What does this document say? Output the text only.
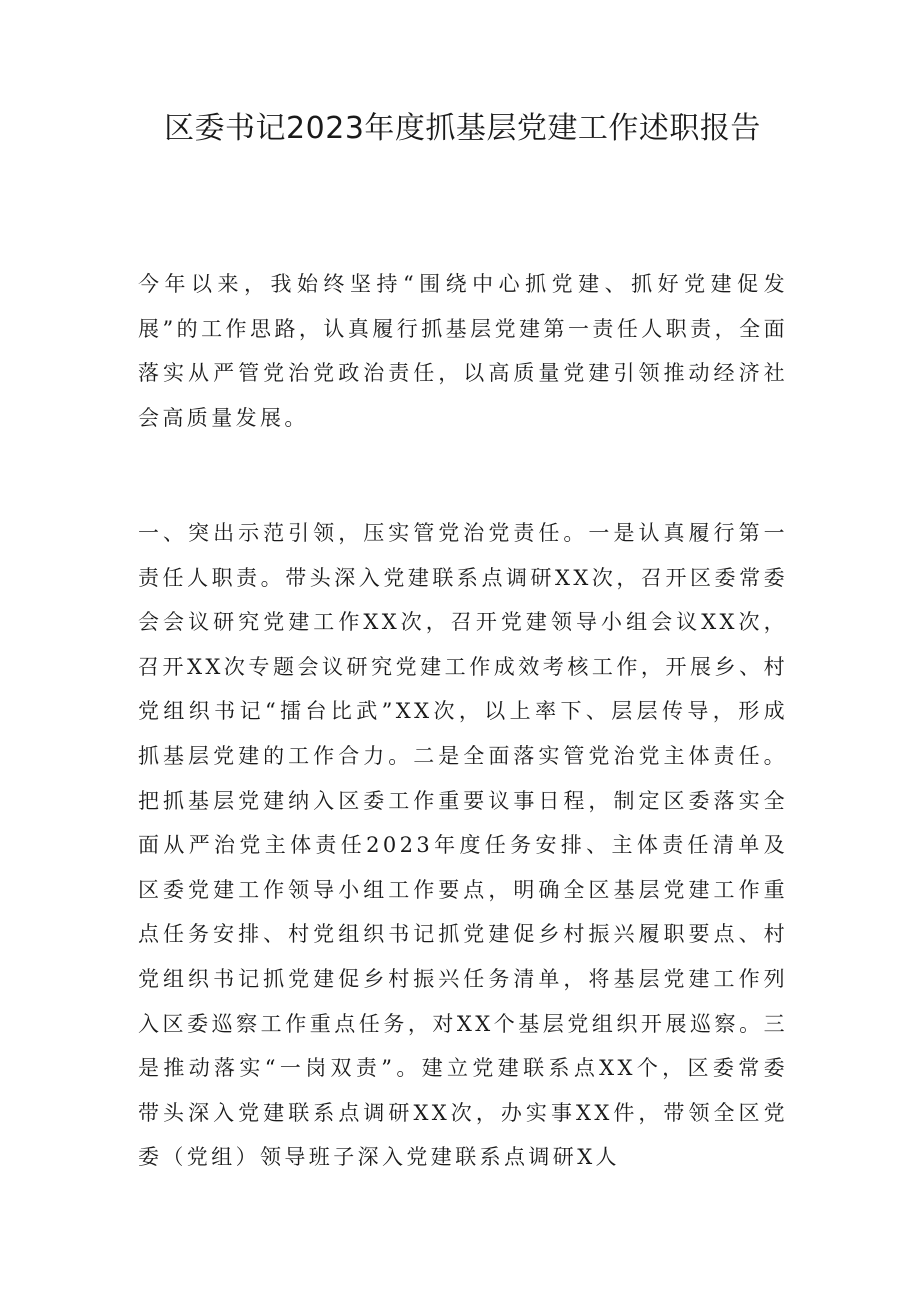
区委书记2023年度抓基层党建工作述职报告

今年以来，我始终坚持“围绕中心抓党建、抓好党建促发展”的工作思路，认真履行抓基层党建第一责任人职责，全面落实从严管党治党政治责任，以高质量党建引领推动经济社会高质量发展。

一、突出示范引领，压实管党治党责任。一是认真履行第一责任人职责。带头深入党建联系点调研XX次，召开区委常委会会议研究党建工作XX次，召开党建领导小组会议XX次，召开XX次专题会议研究党建工作成效考核工作，开展乡、村党组织书记“擂台比武”XX次，以上率下、层层传导，形成抓基层党建的工作合力。二是全面落实管党治党主体责任。把抓基层党建纳入区委工作重要议事日程，制定区委落实全面从严治党主体责任2023年度任务安排、主体责任清单及区委党建工作领导小组工作要点，明确全区基层党建工作重点任务安排、村党组织书记抓党建促乡村振兴履职要点、村党组织书记抓党建促乡村振兴任务清单，将基层党建工作列入区委巡察工作重点任务，对XX个基层党组织开展巡察。三是推动落实“一岗双责”。建立党建联系点XX个，区委常委带头深入党建联系点调研XX次，办实事XX件，带领全区党委（党组）领导班子深入党建联系点调研X人
